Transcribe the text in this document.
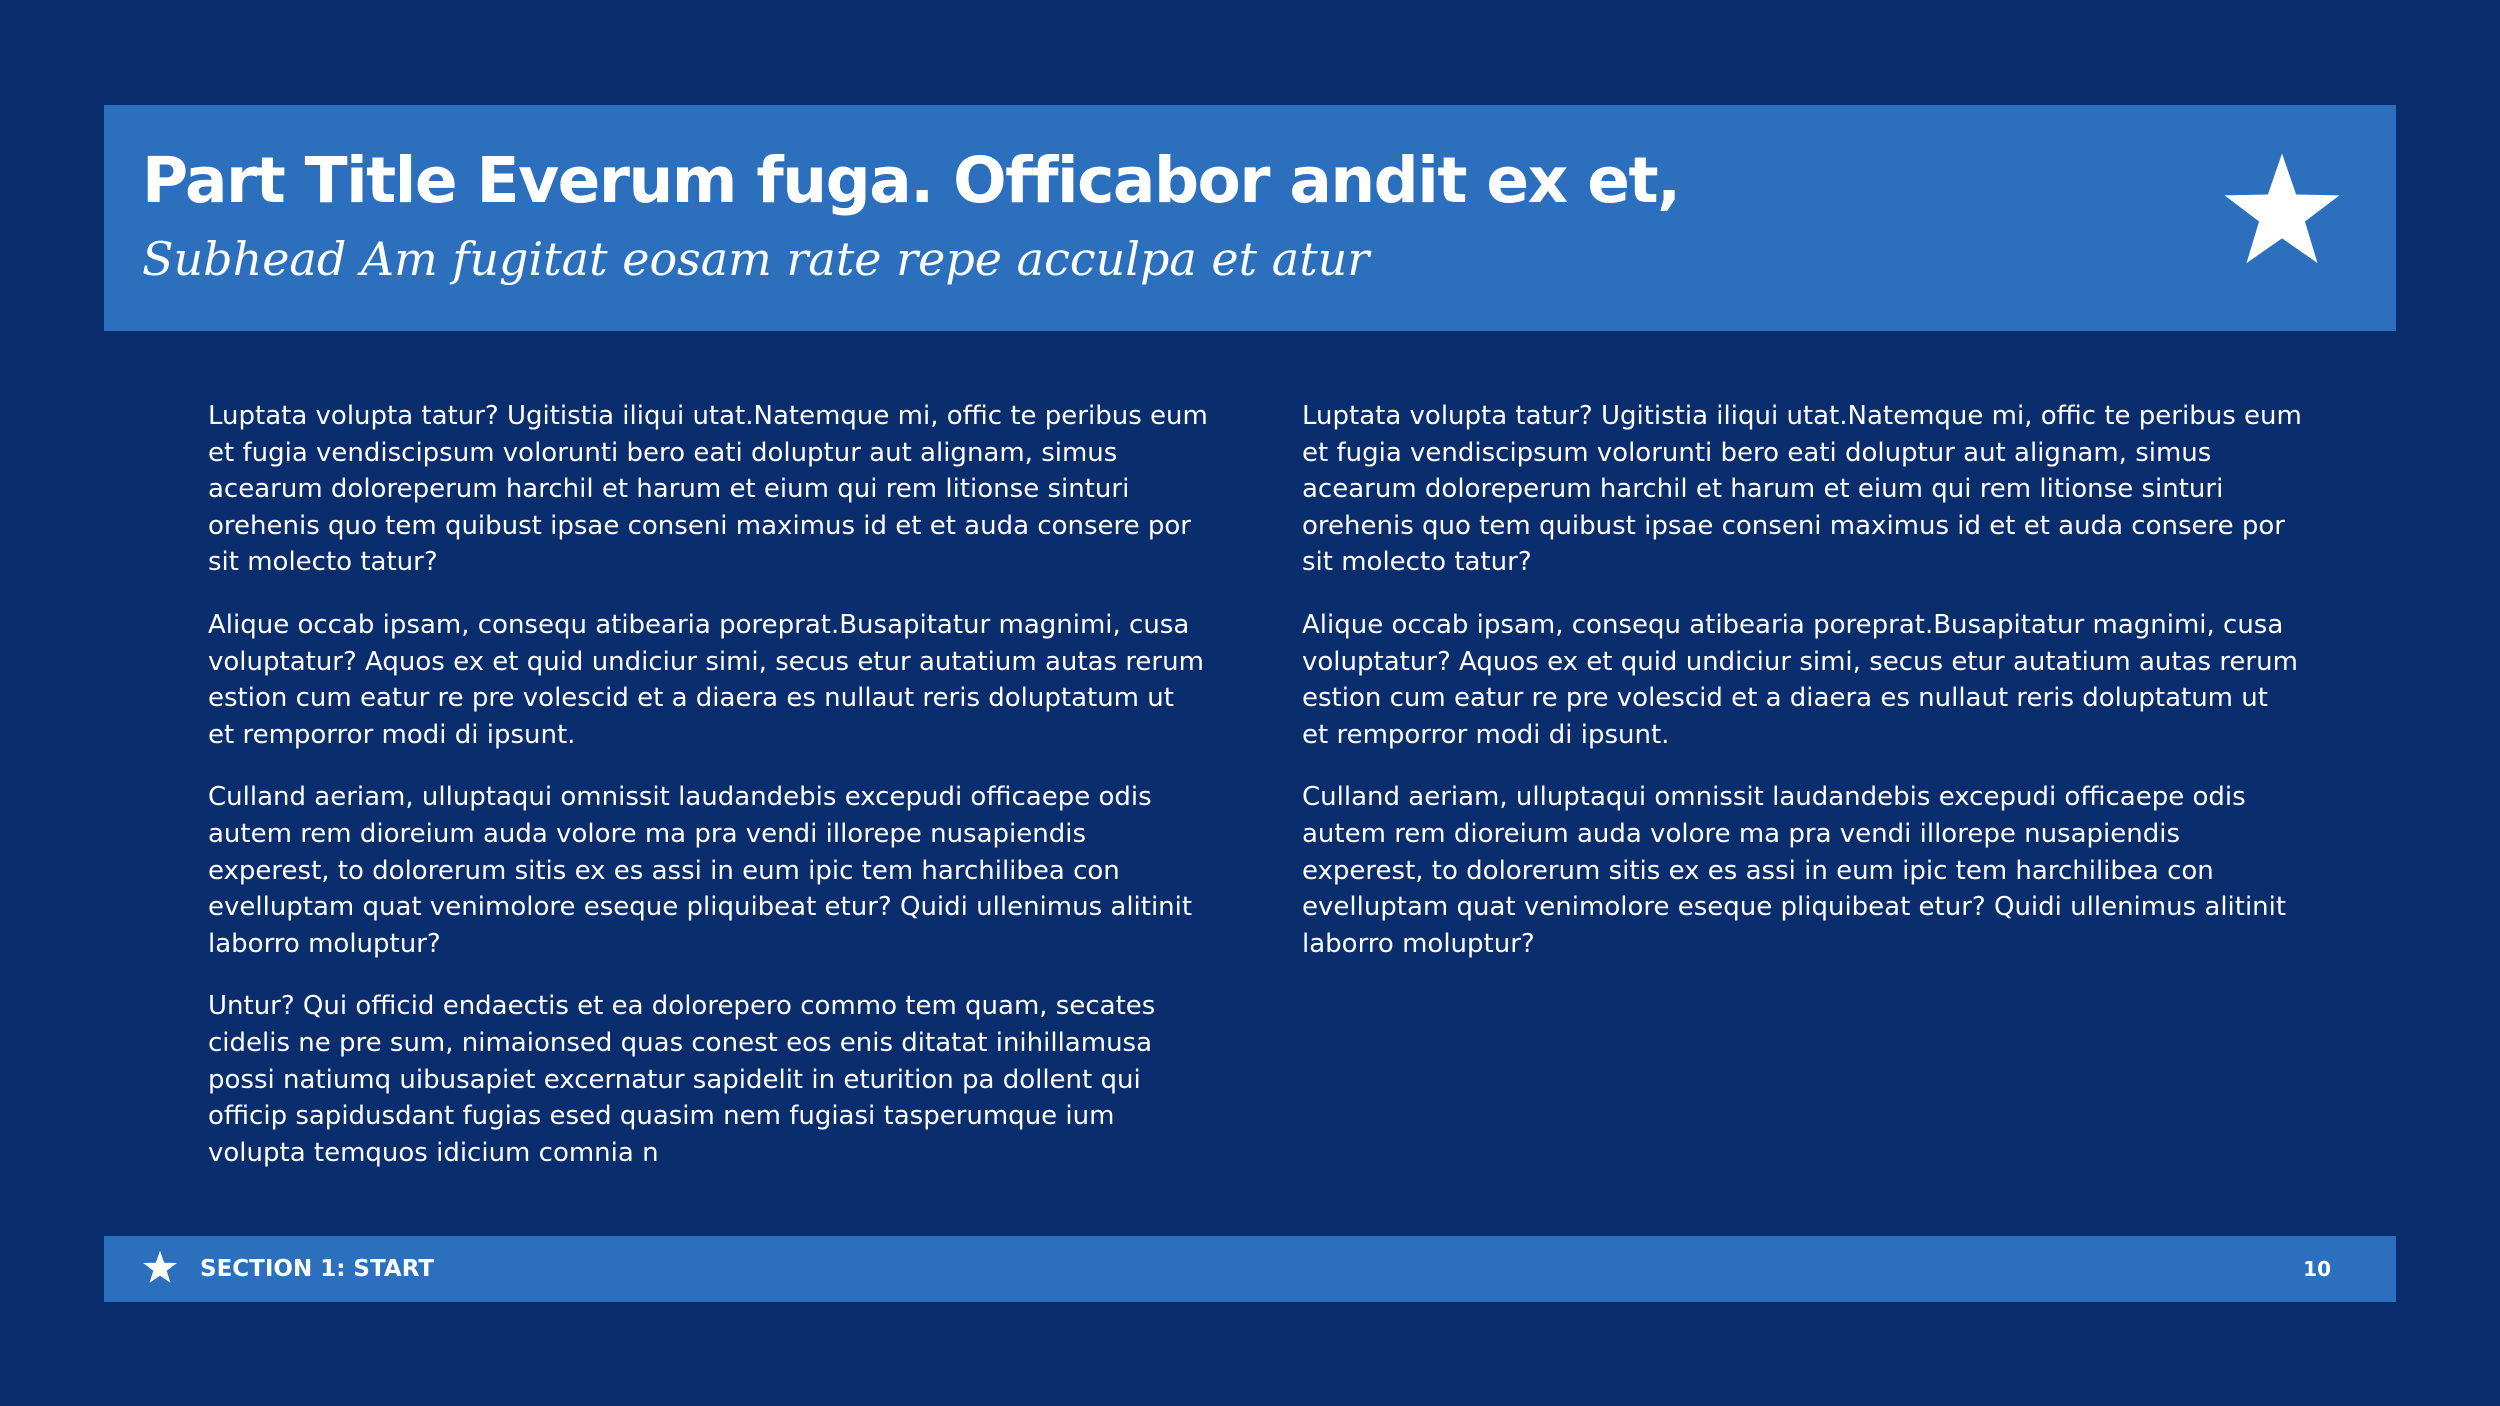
Part Title Everum fuga. Officabor andit ex et,
Subhead Am fugitat eosam rate repe acculpa et atur

Luptata volupta tatur? Ugitistia iliqui utat.Natemque mi, offic te peribus eum et fugia vendiscipsum volorunti bero eati doluptur aut alignam, simus acearum doloreperum harchil et harum et eium qui rem litionse sinturi orehenis quo tem quibust ipsae conseni maximus id et et auda consere por sit molecto tatur?

Alique occab ipsam, consequ atibearia poreprat.Busapitatur magnimi, cusa voluptatur? Aquos ex et quid undiciur simi, secus etur autatium autas rerum estion cum eatur re pre volescid et a diaera es nullaut reris doluptatum ut et remporror modi di ipsunt.

Culland aeriam, ulluptaqui omnissit laudandebis excepudi officaepe odis autem rem dioreium auda volore ma pra vendi illorepe nusapiendis experest, to dolorerum sitis ex es assi in eum ipic tem harchilibea con evelluptam quat venimolore eseque pliquibeat etur? Quidi ullenimus alitinit laborro moluptur?

Untur? Qui officid endaectis et ea dolorepero commo tem quam, secates cidelis ne pre sum, nimaionsed quas conest eos enis ditatat inihillamusa possi natiumq uibusapiet excernatur sapidelit in eturition pa dollent qui officip sapidusdant fugias esed quasim nem fugiasi tasperumque ium volupta temquos idicium comnia n

Luptata volupta tatur? Ugitistia iliqui utat.Natemque mi, offic te peribus eum et fugia vendiscipsum volorunti bero eati doluptur aut alignam, simus acearum doloreperum harchil et harum et eium qui rem litionse sinturi orehenis quo tem quibust ipsae conseni maximus id et et auda consere por sit molecto tatur?

Alique occab ipsam, consequ atibearia poreprat.Busapitatur magnimi, cusa voluptatur? Aquos ex et quid undiciur simi, secus etur autatium autas rerum estion cum eatur re pre volescid et a diaera es nullaut reris doluptatum ut et remporror modi di ipsunt.

Culland aeriam, ulluptaqui omnissit laudandebis excepudi officaepe odis autem rem dioreium auda volore ma pra vendi illorepe nusapiendis experest, to dolorerum sitis ex es assi in eum ipic tem harchilibea con evelluptam quat venimolore eseque pliquibeat etur? Quidi ullenimus alitinit laborro moluptur?

SECTION 1: START	10
